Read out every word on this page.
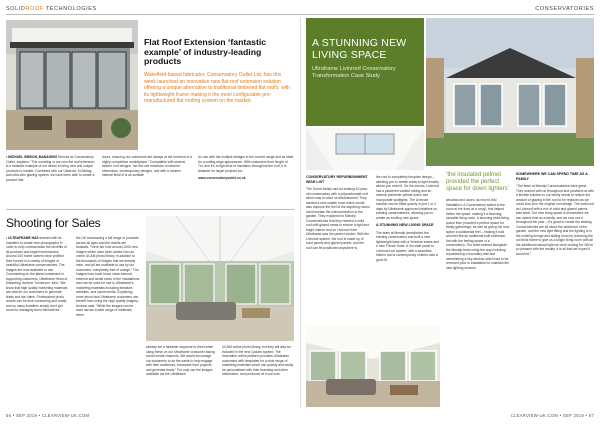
SOLIDROOF TECHNOLOGIES	CONSERVATORIES
Flat Roof Extension ‘fantastic example’ of industry-leading products
Wakefield-based fabricator, Conservatory Outlet Ltd, has this week launched an innovative new flat roof extension solution offering a unique alternative to traditional timbered flat roofs, with its lightweight frame making it the most configurable pre-manufactured flat roofing system on the market.
• MICHAEL GIBSON, MANAGING Director at Conservatory Outlet, explains: “The unveiling of our new flat roof extension is a fantastic example of our desire to bring new and unique products to market. Combined with our Ultraroof, bi-folding, and ultra-slim glazing system, we have been able to create a product that
doors, ensuring our customers are always at the forefront of a highly competitive marketplace.” Compatible with several lantern roof designs, the flat roof extension is ideal for extensions, contemporary designs, and with a modern internal finish it is as suitable

for use with the multiple designs in the current range and as ideal for a cutting-edge appearance. With customers from length of 7m, and it’s a high level of insulation throughout the roof, it is fantastic for larger projects too.

www.conservatoryoutlet.co.uk

Shooting for Sales
• ULTRAFRAME HAS teamed with its installers to create new photography in order to help communicate the benefits of its products and target homeowners. Around 100 home owners have profiled their homes in a variety of images of beautiful Ultraframe conservatories. The images are now available to use. Commenting on the latest investment in supporting customers, Ultraframe Head of Marketing, Andrew Tunnerson, said: “We know that high quality marketing materials are vital for our customers to generate leads and win sales. Professional photo shoots can be time consuming and costly and so many installers simply don’t get round to managing them themselves.
the UK showcasing a full range of products across all ages and the results are fantastic. There are now around 1000 new images which have been added into our online UCAM photo library, in addition to the thousands of images that we already have, and all are available to use by our customers, completely free of charge.” The images from each shoot show internal, external and aerial shots of the installations and can be used for use in Ultraframe’s marketing materials including literature, websites, and social media. Explaining more about how Ultraframe customers can benefit from using the high quality imagery, Andrew said: “While the images can be used across a wide range of materials, when
already set a fantastic response to them when using these on our Ultraframe consumer-facing social media channels. We would encourage our customers to do the same to help engage with their audiences, showcase their projects and generate leads.” For only use the images available via the Ultraframe
UCAM online photo library, but they will also be included in the new Cadaro system. The innovative online platform provides Ultraframe customers with templates for a wide range of marketing materials which can quickly and easily be personalised with their branding and other information, and produced at a low cost.
56 • SEP 2019 • CLEARVIEW-UK.COM
A STUNNING NEW LIVING SPACE
Ultraframe Livinroof Conservatory Transformation Case Study

CONSERVATORY REFURBISHMENT WISH LIST

The Turner family had an existing 10-year-old conservatory with a polycarbonate roof which was in need of refurbishment. They wanted a new usable room which would also improve the feel of the adjoining rooms and increase the interconnection to the garden. They explained to Mendip Conservatories that they needed a solid roof with glazed areas to ensure a light and bright interior and so Livinroof from Ultraframe was the perfect choice. With the Livinroof system, the roof is made up of solid panels and glazed panels, and the roof can be positioned anywhere to

the roof to completely bespoke design – allowing you to create areas to light exactly where you need it. On the interior, Livinroof has a plastered vaulted ceiling and an internal perimeter pelmet which can incorporate spotlights. The Livinroof solution can be fitted quickly in just 1 or 2 days by Ultraframe-approved installers on existing conservatories, allowing you to create an exciting new space.

A STUNNING NEW LIVING SPACE

The team at Mendip demolished the existing conservatory and built a new lightweight base with a Victorian eaves and a new French Suite. A 4m wide panel to Livinroof roof system, with a seamless interior and a contemporary exterior was a good fit.
windows and doors, as new bi-fold installation. A Conservatory added to the room at the front at a ‘snug’, this helped define the space, making it a stunning, versatile living room. A stunning extra living space then provided a perfect space for family gatherings, as well as giving the new space a substantial feel – making it look and feel like an additional built extension, but with the feeling space of a conservatory. The team worked alongside the Mendip team using the way including repositioning a boundary wall and demolishing a key window which had to be removed prior to installation to maintain the new lighting scheme.
‘the insulated pelmet provided the perfect space for down lighters’

SOMEWHERE WE CAN SPEND TIME AS A FAMILY

“The team at Mendip Conservatories were great. They worked with us throughout and provided us with a flexible solution to our family needs to reduce the amount of glazing in the roof to be replaced as we could look at in the original roof design. The solid roof as Livinroof with a mix of solid and glazed panels was ideal. Our new living space is somewhere we can spend time as a family, and we now use it throughout the year – it’s great to create the seating. Conservatories are all about the ambience of the garden, and the new light fitting and the lighting is in the existing lounge and sliding room by removing the old brick frame to give us a single living room with all the additional natural light we were looking for. We’re so pleased with the results, it is all that we hoped it would be.”
CLEARVIEW-UK.COM • SEP 2019 • 57
